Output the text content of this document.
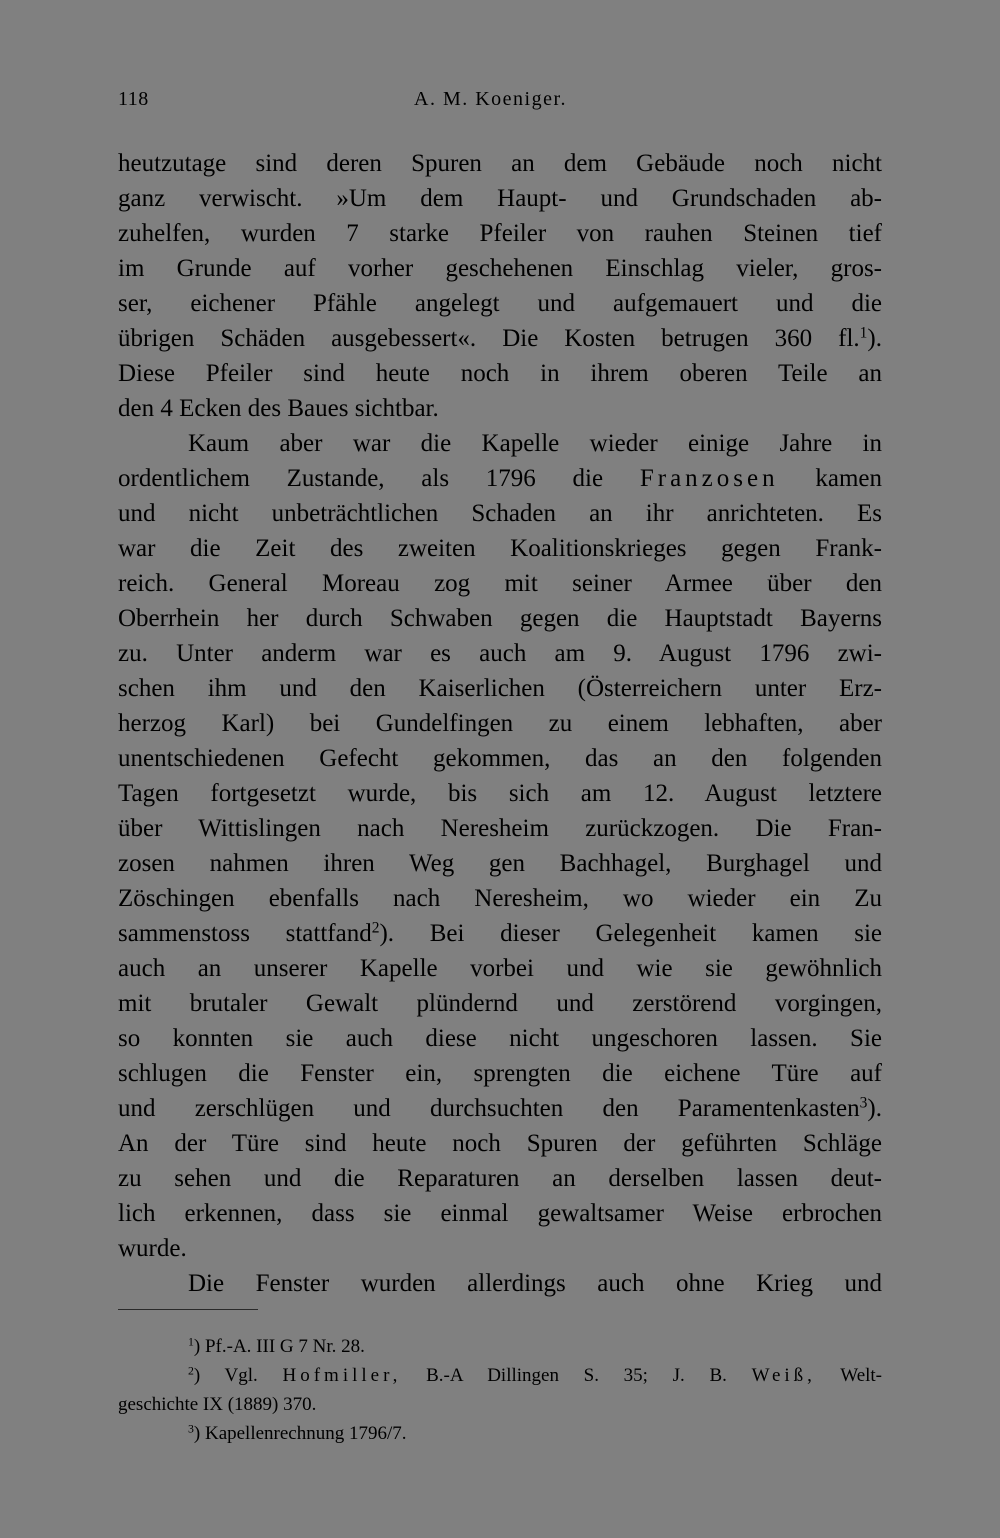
118	A. M. Koeniger.
heutzutage sind deren Spuren an dem Gebäude noch nicht
ganz verwischt. »Um dem Haupt- und Grundschaden ab-
zuhelfen, wurden 7 starke Pfeiler von rauhen Steinen tief
im Grunde auf vorher geschehenen Einschlag vieler, gros-
ser, eichener Pfähle angelegt und aufgemauert und die
übrigen Schäden ausgebessert«. Die Kosten betrugen 360 fl.$^1$).
Diese Pfeiler sind heute noch in ihrem oberen Teile an
den 4 Ecken des Baues sichtbar.
Kaum aber war die Kapelle wieder einige Jahre in
ordentlichem Zustande, als 1796 die Franzosen kamen
und nicht unbeträchtlichen Schaden an ihr anrichteten. Es
war die Zeit des zweiten Koalitionskrieges gegen Frank-
reich. General Moreau zog mit seiner Armee über den
Oberrhein her durch Schwaben gegen die Hauptstadt Bayerns
zu. Unter anderm war es auch am 9. August 1796 zwi-
schen ihm und den Kaiserlichen (Österreichern unter Erz-
herzog Karl) bei Gundelfingen zu einem lebhaften, aber
unentschiedenen Gefecht gekommen, das an den folgenden
Tagen fortgesetzt wurde, bis sich am 12. August letztere
über Wittislingen nach Neresheim zurückzogen. Die Fran-
zosen nahmen ihren Weg gen Bachhagel, Burghagel und
Zöschingen ebenfalls nach Neresheim, wo wieder ein Zu
sammenstoss stattfand$^2$). Bei dieser Gelegenheit kamen sie
auch an unserer Kapelle vorbei und wie sie gewöhnlich
mit brutaler Gewalt plündernd und zerstörend vorgingen,
so konnten sie auch diese nicht ungeschoren lassen. Sie
schlugen die Fenster ein, sprengten die eichene Türe auf
und zerschlügen und durchsuchten den Paramentenkasten$^3$).
An der Türe sind heute noch Spuren der geführten Schläge
zu sehen und die Reparaturen an derselben lassen deut-
lich erkennen, dass sie einmal gewaltsamer Weise erbrochen
wurde.
Die Fenster wurden allerdings auch ohne Krieg und
$^1$) Pf.-A. III G 7 Nr. 28.
$^2$) Vgl. Hofmiller, B.-A Dillingen S. 35; J. B. Weiß, Welt-
geschichte IX (1889) 370.
$^3$) Kapellenrechnung 1796/7.
